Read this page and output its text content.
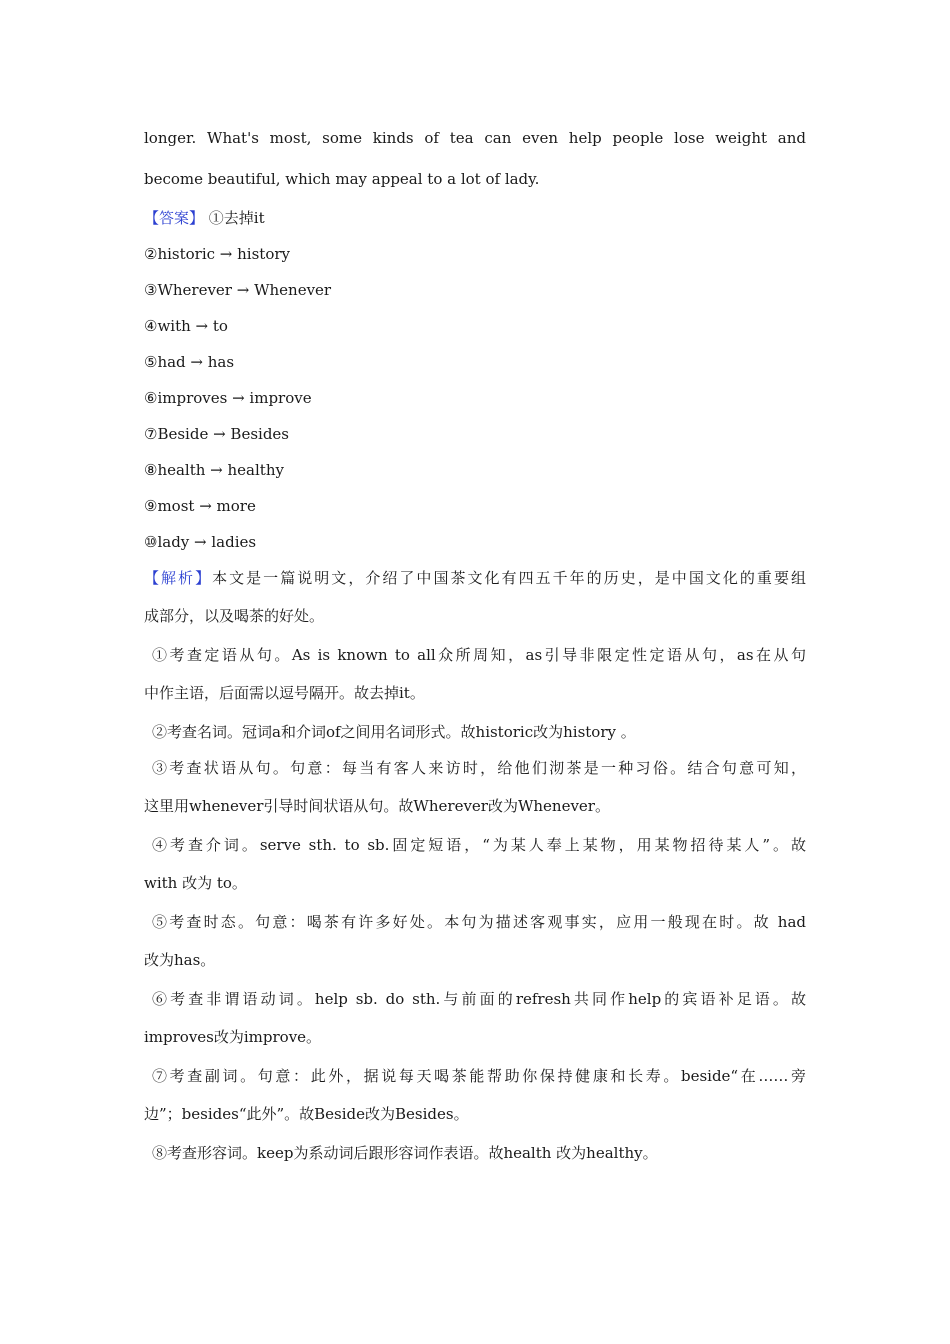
longer. What's most, some kinds of tea can even help people lose weight and
become beautiful, which may appeal to a lot of lady.
【答案】 ①去掉it
②historic → history
③Wherever → Whenever
④with → to
⑤had → has
⑥improves → improve
⑦Beside → Besides
⑧health → healthy
⑨most → more
⑩lady → ladies
【解析】本文是一篇说明文，介绍了中国茶文化有四五千年的历史，是中国文化的重要组
成部分，以及喝茶的好处。
①考查定语从句。As is known to all众所周知，as引导非限定性定语从句，as在从句
中作主语，后面需以逗号隔开。故去掉it。
②考查名词。冠词a和介词of之间用名词形式。故historic改为history 。
③考查状语从句。句意：每当有客人来访时，给他们沏茶是一种习俗。结合句意可知，
这里用whenever引导时间状语从句。故Wherever改为Whenever。
④考查介词。serve sth. to sb.固定短语，“为某人奉上某物，用某物招待某人”。故
with 改为 to。
⑤考查时态。句意：喝茶有许多好处。本句为描述客观事实，应用一般现在时。故 had
改为has。
⑥考查非谓语动词。help sb. do sth.与前面的refresh共同作help的宾语补足语。故
improves改为improve。
⑦考查副词。句意：此外，据说每天喝茶能帮助你保持健康和长寿。beside“在……旁
边”；besides“此外”。故Beside改为Besides。
⑧考查形容词。keep为系动词后跟形容词作表语。故health 改为healthy。
